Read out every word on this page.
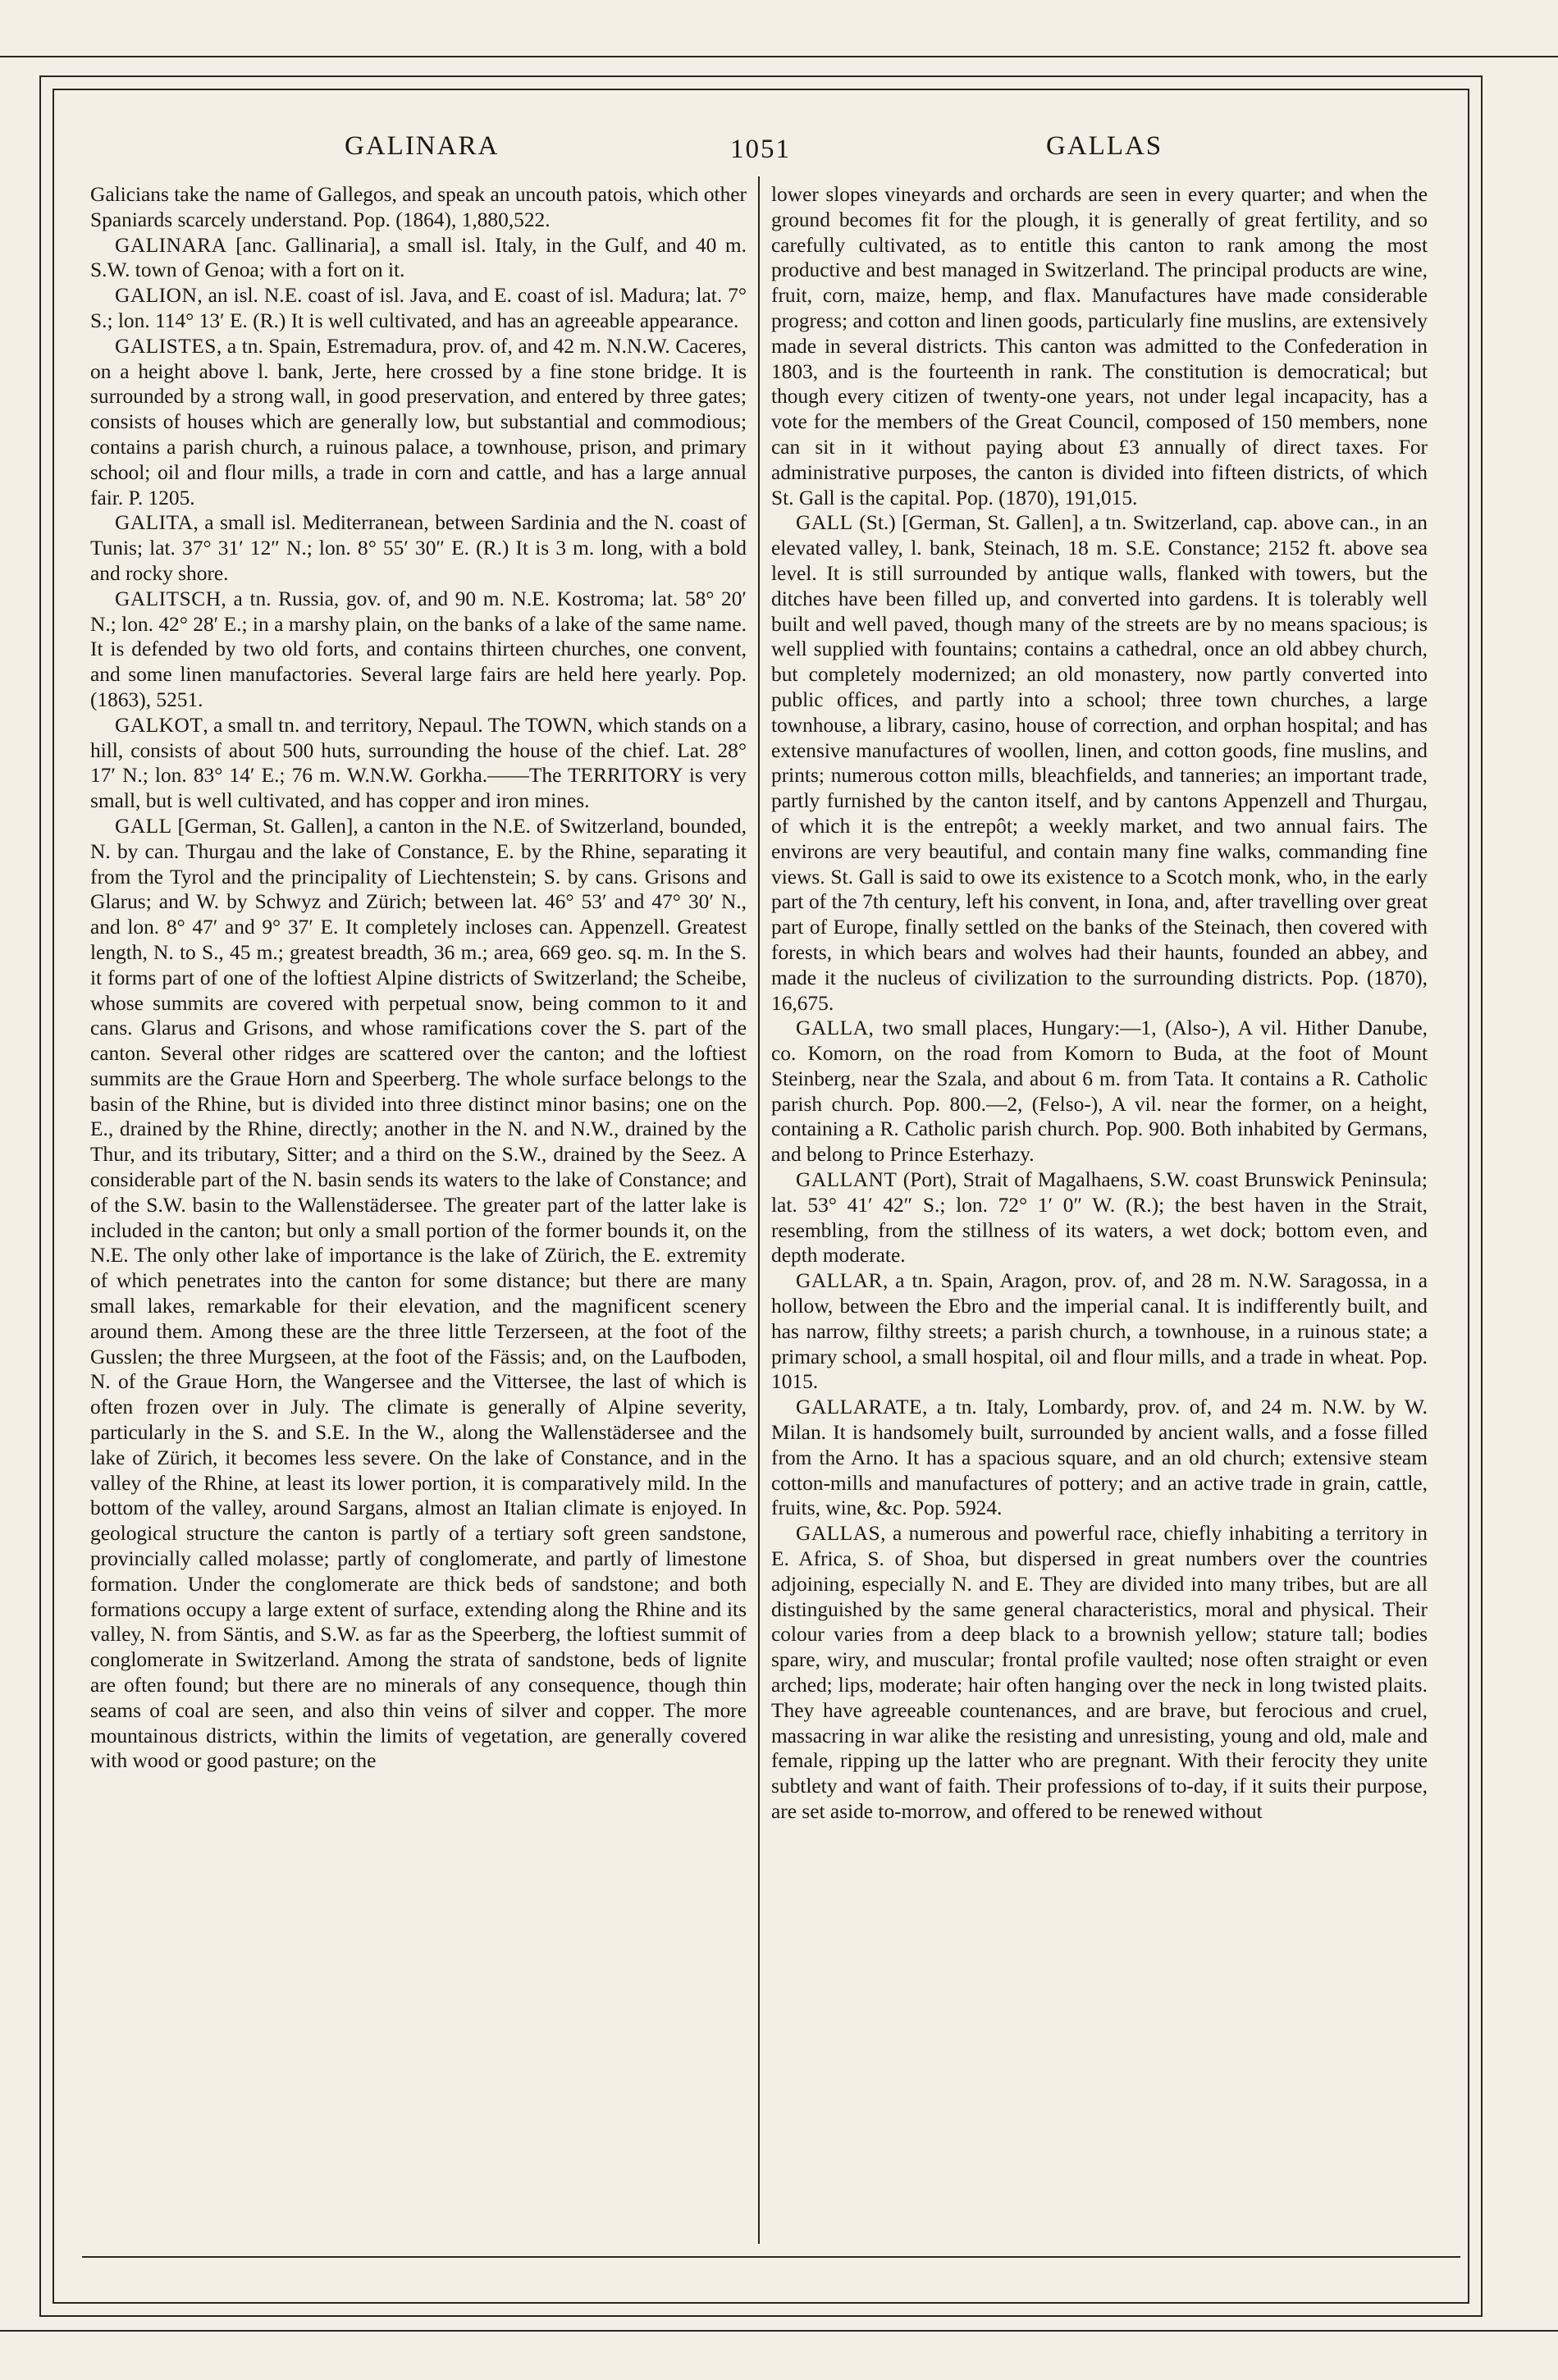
GALINARA	1051	GALLAS

Galicians take the name of Gallegos, and speak an uncouth patois, which other Spaniards scarcely understand. Pop. (1864), 1,880,522.

GALINARA [anc. Gallinaria], a small isl. Italy, in the Gulf, and 40 m. S.W. town of Genoa; with a fort on it.

GALION, an isl. N.E. coast of isl. Java, and E. coast of isl. Madura; lat. 7° S.; lon. 114° 13′ E. (R.) It is well cultivated, and has an agreeable appearance.

GALISTES, a tn. Spain, Estremadura, prov. of, and 42 m. N.N.W. Caceres, on a height above l. bank, Jerte, here crossed by a fine stone bridge. It is surrounded by a strong wall, in good preservation, and entered by three gates; consists of houses which are generally low, but substantial and commodious; contains a parish church, a ruinous palace, a townhouse, prison, and primary school; oil and flour mills, a trade in corn and cattle, and has a large annual fair. P. 1205.

GALITA, a small isl. Mediterranean, between Sardinia and the N. coast of Tunis; lat. 37° 31′ 12″ N.; lon. 8° 55′ 30″ E. (R.) It is 3 m. long, with a bold and rocky shore.

GALITSCH, a tn. Russia, gov. of, and 90 m. N.E. Kostroma; lat. 58° 20′ N.; lon. 42° 28′ E.; in a marshy plain, on the banks of a lake of the same name. It is defended by two old forts, and contains thirteen churches, one convent, and some linen manufactories. Several large fairs are held here yearly. Pop. (1863), 5251.

GALKOT, a small tn. and territory, Nepaul. The TOWN, which stands on a hill, consists of about 500 huts, surrounding the house of the chief. Lat. 28° 17′ N.; lon. 83° 14′ E.; 76 m. W.N.W. Gorkha.——The TERRITORY is very small, but is well cultivated, and has copper and iron mines.

GALL [German, St. Gallen], a canton in the N.E. of Switzerland, bounded, N. by can. Thurgau and the lake of Constance, E. by the Rhine, separating it from the Tyrol and the principality of Liechtenstein; S. by cans. Grisons and Glarus; and W. by Schwyz and Zürich; between lat. 46° 53′ and 47° 30′ N., and lon. 8° 47′ and 9° 37′ E. It completely incloses can. Appenzell. Greatest length, N. to S., 45 m.; greatest breadth, 36 m.; area, 669 geo. sq. m. In the S. it forms part of one of the loftiest Alpine districts of Switzerland; the Scheibe, whose summits are covered with perpetual snow, being common to it and cans. Glarus and Grisons, and whose ramifications cover the S. part of the canton. Several other ridges are scattered over the canton; and the loftiest summits are the Graue Horn and Speerberg. The whole surface belongs to the basin of the Rhine, but is divided into three distinct minor basins; one on the E., drained by the Rhine, directly; another in the N. and N.W., drained by the Thur, and its tributary, Sitter; and a third on the S.W., drained by the Seez. A considerable part of the N. basin sends its waters to the lake of Constance; and of the S.W. basin to the Wallenstädersee. The greater part of the latter lake is included in the canton; but only a small portion of the former bounds it, on the N.E. The only other lake of importance is the lake of Zürich, the E. extremity of which penetrates into the canton for some distance; but there are many small lakes, remarkable for their elevation, and the magnificent scenery around them. Among these are the three little Terzerseen, at the foot of the Gusslen; the three Murgseen, at the foot of the Fässis; and, on the Laufboden, N. of the Graue Horn, the Wangersee and the Vittersee, the last of which is often frozen over in July. The climate is generally of Alpine severity, particularly in the S. and S.E. In the W., along the Wallenstädersee and the lake of Zürich, it becomes less severe. On the lake of Constance, and in the valley of the Rhine, at least its lower portion, it is comparatively mild. In the bottom of the valley, around Sargans, almost an Italian climate is enjoyed. In geological structure the canton is partly of a tertiary soft green sandstone, provincially called molasse; partly of conglomerate, and partly of limestone formation. Under the conglomerate are thick beds of sandstone; and both formations occupy a large extent of surface, extending along the Rhine and its valley, N. from Säntis, and S.W. as far as the Speerberg, the loftiest summit of conglomerate in Switzerland. Among the strata of sandstone, beds of lignite are often found; but there are no minerals of any consequence, though thin seams of coal are seen, and also thin veins of silver and copper. The more mountainous districts, within the limits of vegetation, are generally covered with wood or good pasture; on the

lower slopes vineyards and orchards are seen in every quarter; and when the ground becomes fit for the plough, it is generally of great fertility, and so carefully cultivated, as to entitle this canton to rank among the most productive and best managed in Switzerland. The principal products are wine, fruit, corn, maize, hemp, and flax. Manufactures have made considerable progress; and cotton and linen goods, particularly fine muslins, are extensively made in several districts. This canton was admitted to the Confederation in 1803, and is the fourteenth in rank. The constitution is democratical; but though every citizen of twenty-one years, not under legal incapacity, has a vote for the members of the Great Council, composed of 150 members, none can sit in it without paying about £3 annually of direct taxes. For administrative purposes, the canton is divided into fifteen districts, of which St. Gall is the capital. Pop. (1870), 191,015.

GALL (St.) [German, St. Gallen], a tn. Switzerland, cap. above can., in an elevated valley, l. bank, Steinach, 18 m. S.E. Constance; 2152 ft. above sea level. It is still surrounded by antique walls, flanked with towers, but the ditches have been filled up, and converted into gardens. It is tolerably well built and well paved, though many of the streets are by no means spacious; is well supplied with fountains; contains a cathedral, once an old abbey church, but completely modernized; an old monastery, now partly converted into public offices, and partly into a school; three town churches, a large townhouse, a library, casino, house of correction, and orphan hospital; and has extensive manufactures of woollen, linen, and cotton goods, fine muslins, and prints; numerous cotton mills, bleachfields, and tanneries; an important trade, partly furnished by the canton itself, and by cantons Appenzell and Thurgau, of which it is the entrepôt; a weekly market, and two annual fairs. The environs are very beautiful, and contain many fine walks, commanding fine views. St. Gall is said to owe its existence to a Scotch monk, who, in the early part of the 7th century, left his convent, in Iona, and, after travelling over great part of Europe, finally settled on the banks of the Steinach, then covered with forests, in which bears and wolves had their haunts, founded an abbey, and made it the nucleus of civilization to the surrounding districts. Pop. (1870), 16,675.

GALLA, two small places, Hungary:—1, (Also-), A vil. Hither Danube, co. Komorn, on the road from Komorn to Buda, at the foot of Mount Steinberg, near the Szala, and about 6 m. from Tata. It contains a R. Catholic parish church. Pop. 800.—2, (Felso-), A vil. near the former, on a height, containing a R. Catholic parish church. Pop. 900. Both inhabited by Germans, and belong to Prince Esterhazy.

GALLANT (Port), Strait of Magalhaens, S.W. coast Brunswick Peninsula; lat. 53° 41′ 42″ S.; lon. 72° 1′ 0″ W. (R.); the best haven in the Strait, resembling, from the stillness of its waters, a wet dock; bottom even, and depth moderate.

GALLAR, a tn. Spain, Aragon, prov. of, and 28 m. N.W. Saragossa, in a hollow, between the Ebro and the imperial canal. It is indifferently built, and has narrow, filthy streets; a parish church, a townhouse, in a ruinous state; a primary school, a small hospital, oil and flour mills, and a trade in wheat. Pop. 1015.

GALLARATE, a tn. Italy, Lombardy, prov. of, and 24 m. N.W. by W. Milan. It is handsomely built, surrounded by ancient walls, and a fosse filled from the Arno. It has a spacious square, and an old church; extensive steam cotton-mills and manufactures of pottery; and an active trade in grain, cattle, fruits, wine, &c. Pop. 5924.

GALLAS, a numerous and powerful race, chiefly inhabiting a territory in E. Africa, S. of Shoa, but dispersed in great numbers over the countries adjoining, especially N. and E. They are divided into many tribes, but are all distinguished by the same general characteristics, moral and physical. Their colour varies from a deep black to a brownish yellow; stature tall; bodies spare, wiry, and muscular; frontal profile vaulted; nose often straight or even arched; lips, moderate; hair often hanging over the neck in long twisted plaits. They have agreeable countenances, and are brave, but ferocious and cruel, massacring in war alike the resisting and unresisting, young and old, male and female, ripping up the latter who are pregnant. With their ferocity they unite subtlety and want of faith. Their professions of to-day, if it suits their purpose, are set aside to-morrow, and offered to be renewed without
